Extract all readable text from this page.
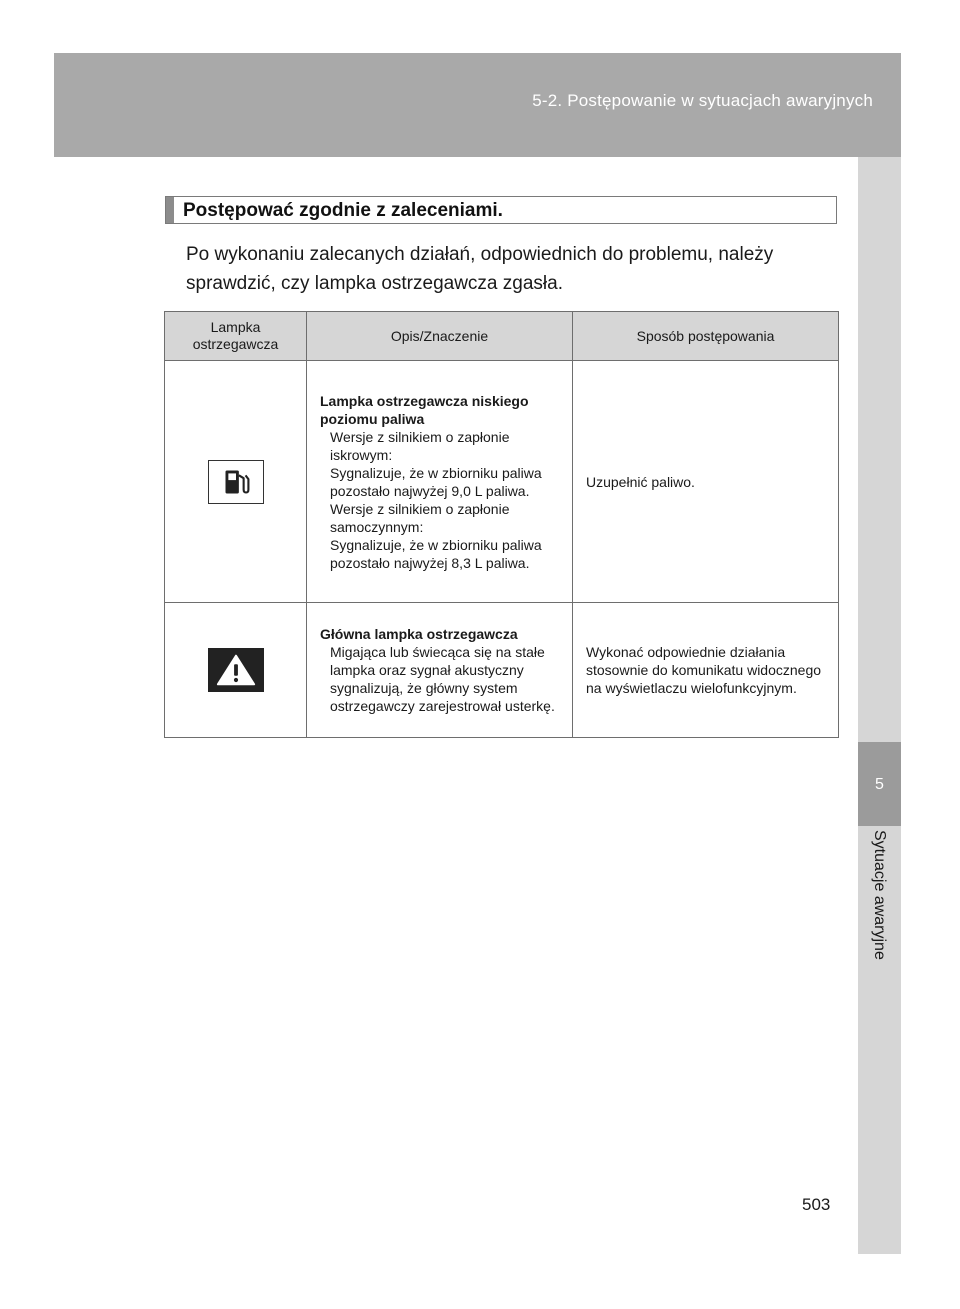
5-2. Postępowanie w sytuacjach awaryjnych
5
Sytuacje awaryjne
Postępować zgodnie z zaleceniami.

Po wykonaniu zalecanych działań, odpowiednich do problemu, należy sprawdzić, czy lampka ostrzegawcza zgasła.

Lampka ostrzegawcza	Opis/Znaczenie	Sposób postępowania

Lampka ostrzegawcza niskiego poziomu paliwa
Wersje z silnikiem o zapłonie iskrowym:
Sygnalizuje, że w zbiorniku paliwa pozostało najwyżej 9,0 L paliwa.
Wersje z silnikiem o zapłonie samoczynnym:
Sygnalizuje, że w zbiorniku paliwa pozostało najwyżej 8,3 L paliwa.	Uzupełnić paliwo.

Główna lampka ostrzegawcza
Migająca lub świecąca się na stałe lampka oraz sygnał akustyczny sygnalizują, że główny system ostrzegawczy zarejestrował usterkę.	Wykonać odpowiednie działania stosownie do komunikatu widocznego na wyświetlaczu wielofunkcyjnym.
503
